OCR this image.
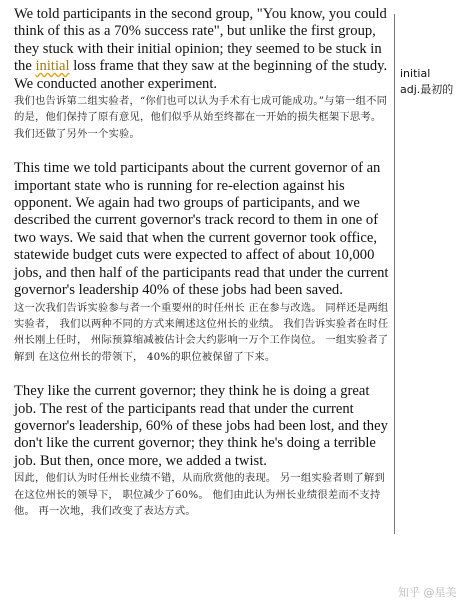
We told participants in the second group, "You know, you could think of this as a 70% success rate", but unlike the first group, they stuck with their initial opinion; they seemed to be stuck in the initial loss frame that they saw at the beginning of the study. We conducted another experiment.

我们也告诉第二组实验者，“你们也可以认为手术有七成可能成功。”与第一组不同的是，他们保持了原有意见，他们似乎从始至终都在一开始的损失框架下思考。 我们还做了另外一个实验。

This time we told participants about the current governor of an important state who is running for re-election against his opponent. We again had two groups of participants, and we described the current governor's track record to them in one of two ways. We said that when the current governor took office, statewide budget cuts were expected to affect of about 10,000 jobs, and then half of the participants read that under the current governor's leadership 40% of these jobs had been saved.

这一次我们告诉实验参与者一个重要州的时任州长 正在参与改选。 同样还是两组实验者， 我们以两种不同的方式来阐述这位州长的业绩。 我们告诉实验者在时任州长刚上任时， 州际预算缩减被估计会大约影响一万个工作岗位。 一组实验者了解到 在这位州长的带领下， 40%的职位被保留了下来。

They like the current governor; they think he is doing a great job. The rest of the participants read that under the current governor's leadership, 60% of these jobs had been lost, and they don't like the current governor; they think he's doing a terrible job. But then, once more, we added a twist.

因此，他们认为时任州长业绩不错，从而欣赏他的表现。 另一组实验者则了解到 在这位州长的领导下， 职位减少了60%。 他们由此认为州长业绩很差而不支持他。 再一次地，我们改变了表达方式。

initial

adj.最初的

知乎 @星美
